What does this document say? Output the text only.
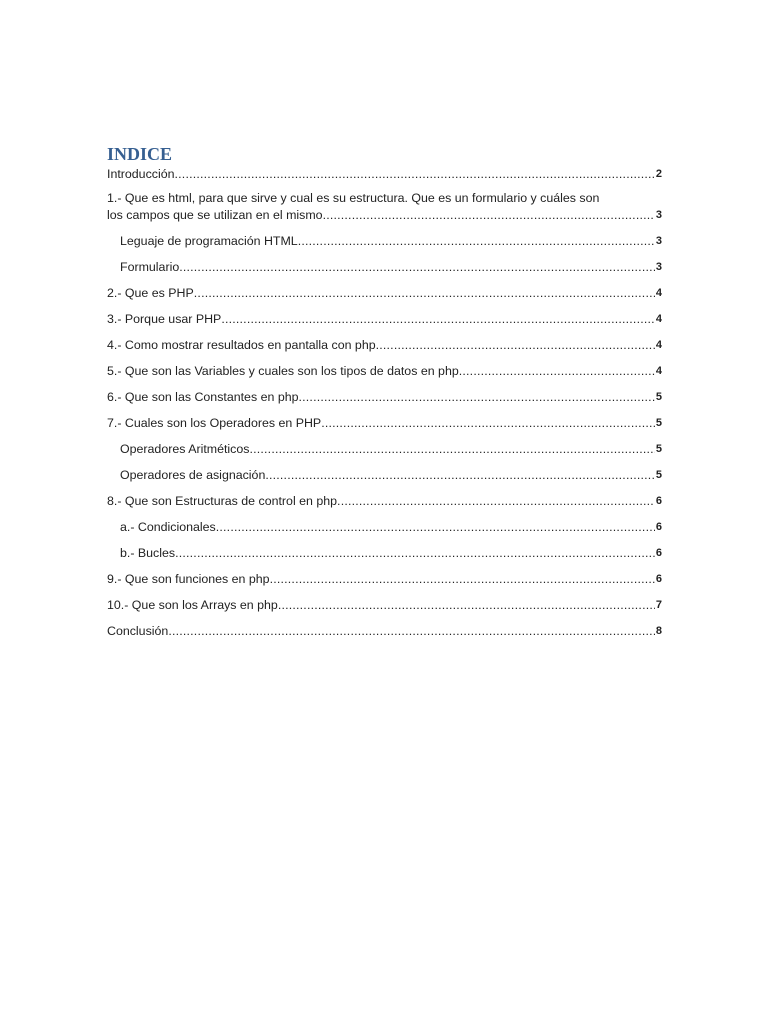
INDICE
Introducción .....	2
1.- Que es html, para que sirve y cual es su estructura. Que es un formulario y cuáles son
los campos que se utilizan en el mismo .....	3
Leguaje de programación HTML .....	3
Formulario .....	3
2.- Que es PHP .....	4
3.- Porque usar PHP .....	4
4.- Como mostrar resultados en pantalla con php .....	4
5.- Que son las Variables y cuales son los tipos de datos en php .....	4
6.- Que son las Constantes en php .....	5
7.- Cuales son los Operadores en PHP .....	5
Operadores Aritméticos .....	5
Operadores de asignación .....	5
8.- Que son Estructuras de control en php .....	6
a.- Condicionales .....	6
b.- Bucles .....	6
9.- Que son funciones en php .....	6
10.- Que son los Arrays en php .....	7
Conclusión .....	8
